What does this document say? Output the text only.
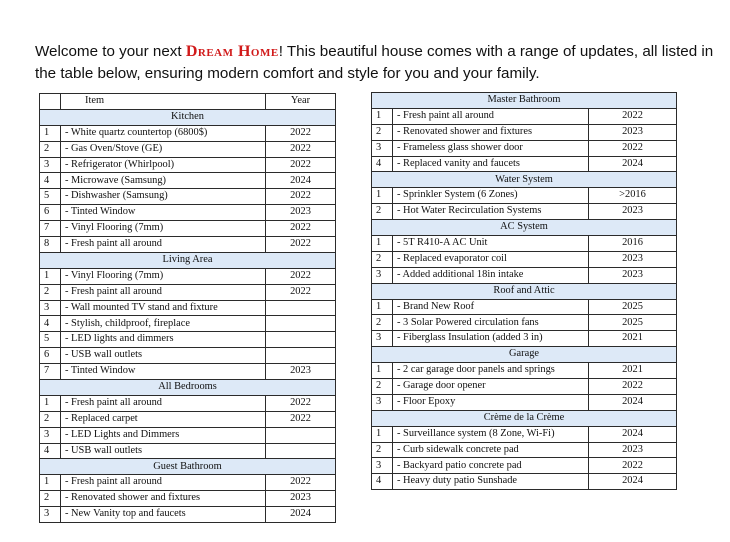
Welcome to your next Dream Home! This beautiful house comes with a range of updates, all listed in the table below, ensuring modern comfort and style for you and your family.
	Item	Year
Kitchen		
1	- White quartz countertop (6800$)	2022
2	- Gas Oven/Stove (GE)	2022
3	- Refrigerator (Whirlpool)	2022
4	- Microwave (Samsung)	2024
5	- Dishwasher (Samsung)	2022
6	- Tinted Window	2023
7	- Vinyl Flooring (7mm)	2022
8	- Fresh paint all around	2022
Living Area		
1	- Vinyl Flooring (7mm)	2022
2	- Fresh paint all around	2022
3	- Wall mounted TV stand and fixture	
4	- Stylish, childproof, fireplace	
5	- LED lights and dimmers	
6	- USB wall outlets	
7	- Tinted Window	2023
All Bedrooms		
1	- Fresh paint all around	2022
2	- Replaced carpet	2022
3	- LED Lights and Dimmers	
4	- USB wall outlets	
Guest Bathroom		
1	- Fresh paint all around	2022
2	- Renovated shower and fixtures	2023
3	- New Vanity top and faucets	2024
Master Bathroom		
1	- Fresh paint all around	2022
2	- Renovated shower and fixtures	2023
3	- Frameless glass shower door	2022
4	- Replaced vanity and faucets	2024
Water System		
1	- Sprinkler System (6 Zones)	>2016
2	- Hot Water Recirculation Systems	2023
AC System		
1	- 5T R410-A AC Unit	2016
2	- Replaced evaporator coil	2023
3	- Added additional 18in intake	2023
Roof and Attic		
1	- Brand New Roof	2025
2	- 3 Solar Powered circulation fans	2025
3	- Fiberglass Insulation (added 3 in)	2021
Garage		
1	- 2 car garage door panels and springs	2021
2	- Garage door opener	2022
3	- Floor Epoxy	2024
Crème de la Crème		
1	- Surveillance system (8 Zone, Wi-Fi)	2024
2	- Curb sidewalk concrete pad	2023
3	- Backyard patio concrete pad	2022
4	- Heavy duty patio Sunshade	2024
